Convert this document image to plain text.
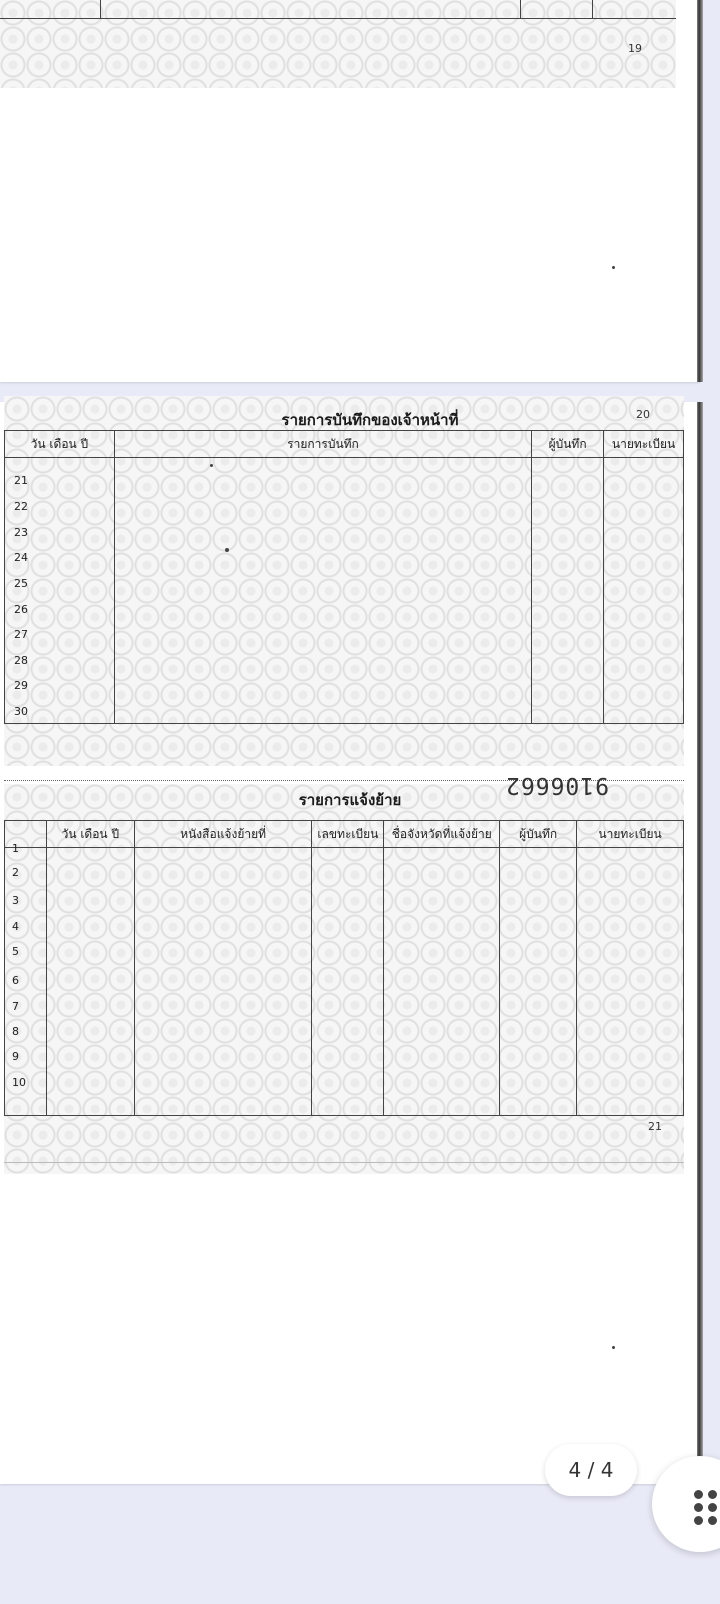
19
รายการบันทึกของเจ้าหน้าที่	20
วัน เดือน ปี	รายการบันทึก	ผู้บันทึก	นายทะเบียน

21
22
23
24
25
26
27
28
29
30
9106662
รายการแจ้งย้าย
	วัน เดือน ปี	หนังสือแจ้งย้ายที่	เลขทะเบียน	ชื่อจังหวัดที่แจ้งย้าย	ผู้บันทึก	นายทะเบียน

1
2
3
4
5
6
7
8
9
10
21
4 / 4
